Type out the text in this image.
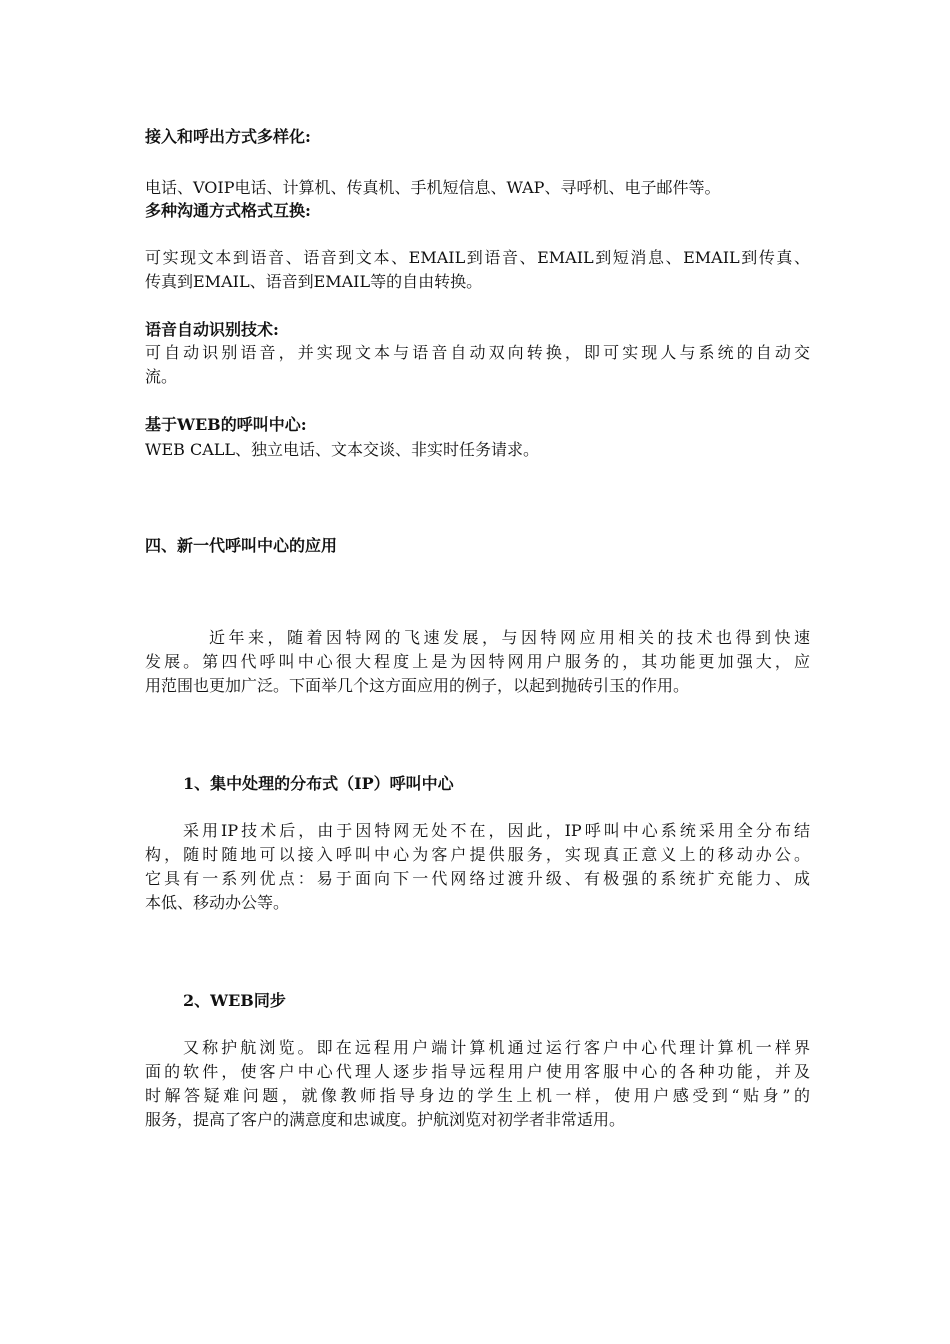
接入和呼出方式多样化:
电话、VOIP电话、计算机、传真机、手机短信息、WAP、寻呼机、电子邮件等。
多种沟通方式格式互换:
可实现文本到语音、语音到文本、EMAIL到语音、EMAIL到短消息、EMAIL到传真、
传真到EMAIL、语音到EMAIL等的自由转换。
语音自动识别技术:
可自动识别语音，并实现文本与语音自动双向转换，即可实现人与系统的自动交
流。
基于WEB的呼叫中心:
WEB CALL、独立电话、文本交谈、非实时任务请求。
四、新一代呼叫中心的应用
近年来，随着因特网的飞速发展，与因特网应用相关的技术也得到快速
发展。第四代呼叫中心很大程度上是为因特网用户服务的，其功能更加强大，应
用范围也更加广泛。下面举几个这方面应用的例子，以起到抛砖引玉的作用。
1、集中处理的分布式（IP）呼叫中心
采用IP技术后，由于因特网无处不在，因此，IP呼叫中心系统采用全分布结
构，随时随地可以接入呼叫中心为客户提供服务，实现真正意义上的移动办公。
它具有一系列优点：易于面向下一代网络过渡升级、有极强的系统扩充能力、成
本低、移动办公等。
2、WEB同步
又称护航浏览。即在远程用户端计算机通过运行客户中心代理计算机一样界
面的软件，使客户中心代理人逐步指导远程用户使用客服中心的各种功能，并及
时解答疑难问题，就像教师指导身边的学生上机一样，使用户感受到“贴身”的
服务，提高了客户的满意度和忠诚度。护航浏览对初学者非常适用。
